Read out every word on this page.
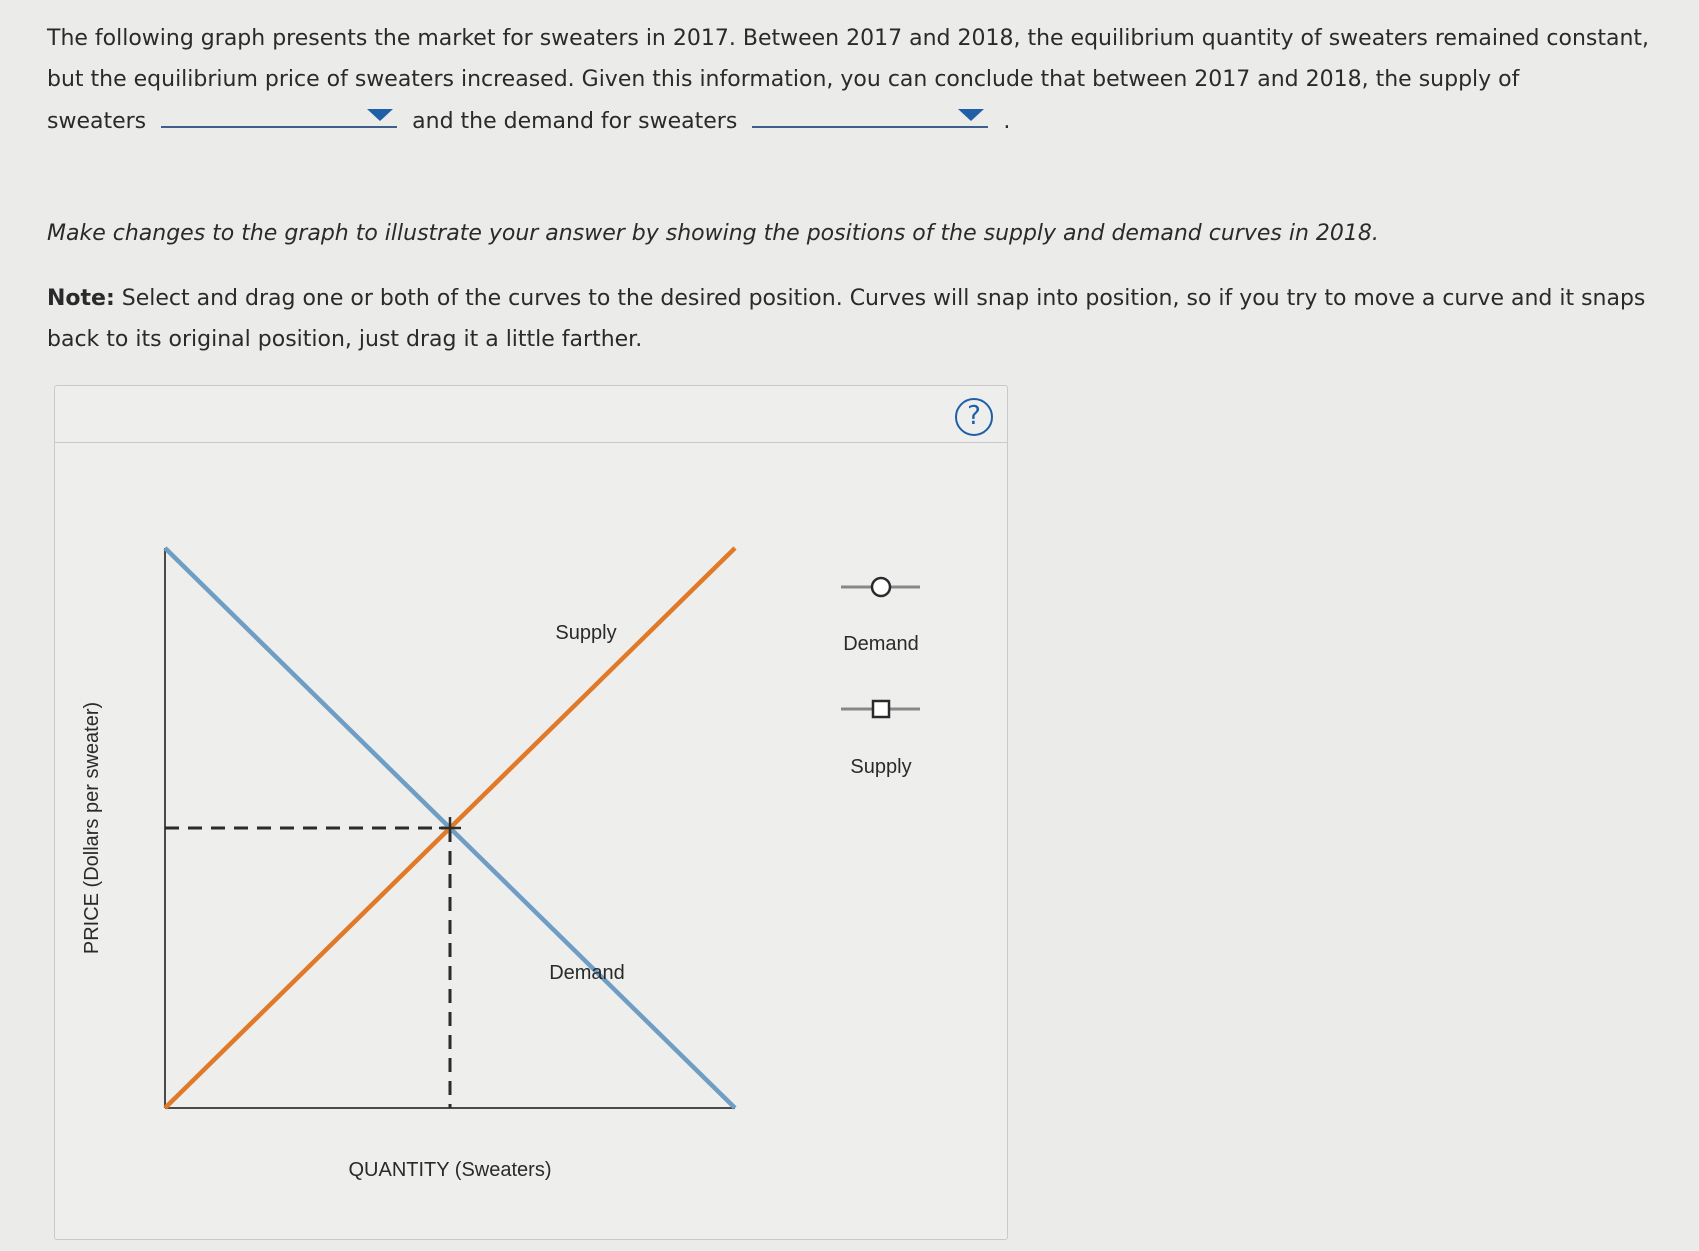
The following graph presents the market for sweaters in 2017. Between 2017 and 2018, the equilibrium quantity of sweaters remained constant, but the equilibrium price of sweaters increased. Given this information, you can conclude that between 2017 and 2018, the supply of
sweaters	and the demand for sweaters	.
Make changes to the graph to illustrate your answer by showing the positions of the supply and demand curves in 2018.
Note: Select and drag one or both of the curves to the desired position. Curves will snap into position, so if you try to move a curve and it snaps back to its original position, just drag it a little farther.
?
PRICE (Dollars per sweater)
QUANTITY (Sweaters)
Supply
Demand
Demand
Supply
